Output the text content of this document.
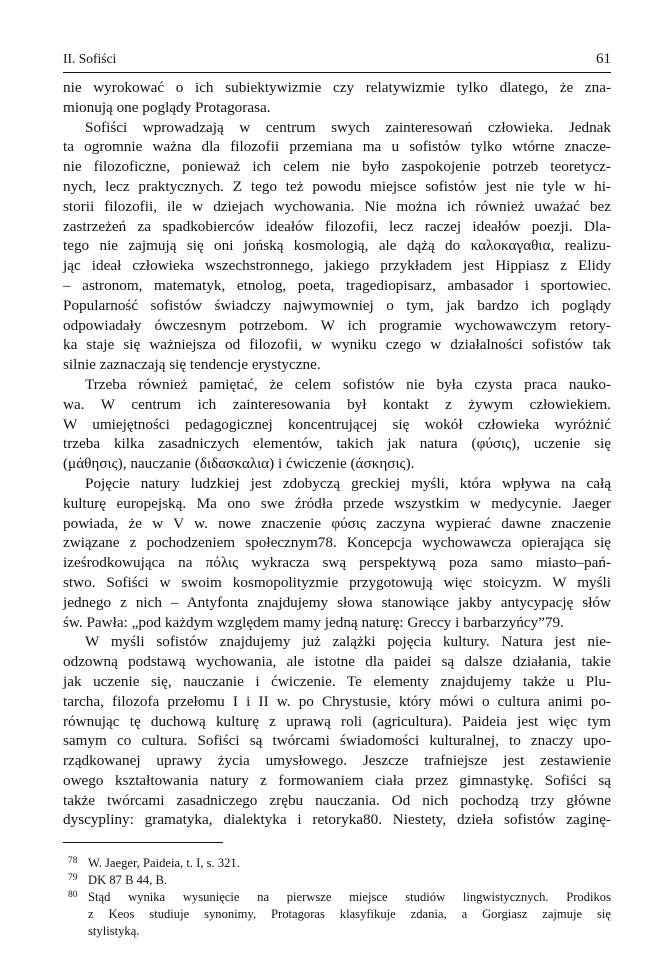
II. Sofiści	61
nie wyrokować o ich subiektywizmie czy relatywizmie tylko dlatego, że zna-
mionują one poglądy Protagorasa.
Sofiści wprowadzają w centrum swych zainteresowań człowieka. Jednak
ta ogromnie ważna dla filozofii przemiana ma u sofistów tylko wtórne znacze-
nie filozoficzne, ponieważ ich celem nie było zaspokojenie potrzeb teoretycz-
nych, lecz praktycznych. Z tego też powodu miejsce sofistów jest nie tyle w hi-
storii filozofii, ile w dziejach wychowania. Nie można ich również uważać bez
zastrzeżeń za spadkobierców ideałów filozofii, lecz raczej ideałów poezji. Dla-
tego nie zajmują się oni jońską kosmologią, ale dążą do καλοκαγαθια, realizu-
jąc ideał człowieka wszechstronnego, jakiego przykładem jest Hippiasz z Elidy
– astronom, matematyk, etnolog, poeta, tragediopisarz, ambasador i sportowiec.
Popularność sofistów świadczy najwymowniej o tym, jak bardzo ich poglądy
odpowiadały ówczesnym potrzebom. W ich programie wychowawczym retory-
ka staje się ważniejsza od filozofii, w wyniku czego w działalności sofistów tak
silnie zaznaczają się tendencje erystyczne.
Trzeba również pamiętać, że celem sofistów nie była czysta praca nauko-
wa. W centrum ich zainteresowania był kontakt z żywym człowiekiem.
W umiejętności pedagogicznej koncentrującej się wokół człowieka wyróżnić
trzeba kilka zasadniczych elementów, takich jak natura (φύσις), uczenie się
(μάθησις), nauczanie (διδασκαλια) i ćwiczenie (άσκησις).
Pojęcie natury ludzkiej jest zdobyczą greckiej myśli, która wpływa na całą
kulturę europejską. Ma ono swe źródła przede wszystkim w medycynie. Jaeger
powiada, że w V w. nowe znaczenie φύσις zaczyna wypierać dawne znaczenie
związane z pochodzeniem społecznym78. Koncepcja wychowawcza opierająca się
iześrodkowująca na πόλις wykracza swą perspektywą poza samo miasto–pań-
stwo. Sofiści w swoim kosmopolityzmie przygotowują więc stoicyzm. W myśli
jednego z nich – Antyfonta znajdujemy słowa stanowiące jakby antycypację słów
św. Pawła: „pod każdym względem mamy jedną naturę: Greccy i barbarzyńcy”79.
W myśli sofistów znajdujemy już zalążki pojęcia kultury. Natura jest nie-
odzowną podstawą wychowania, ale istotne dla paidei są dalsze działania, takie
jak uczenie się, nauczanie i ćwiczenie. Te elementy znajdujemy także u Plu-
tarcha, filozofa przełomu I i II w. po Chrystusie, który mówi o cultura animi po-
równując tę duchową kulturę z uprawą roli (agricultura). Paideia jest więc tym
samym co cultura. Sofiści są twórcami świadomości kulturalnej, to znaczy upo-
rządkowanej uprawy życia umysłowego. Jeszcze trafniejsze jest zestawienie
owego kształtowania natury z formowaniem ciała przez gimnastykę. Sofiści są
także twórcami zasadniczego zrębu nauczania. Od nich pochodzą trzy główne
dyscypliny: gramatyka, dialektyka i retoryka80. Niestety, dzieła sofistów zaginę-
78 W. Jaeger, Paideia, t. I, s. 321.
79 DK 87 B 44, B.
80 Stąd wynika wysunięcie na pierwsze miejsce studiów lingwistycznych. Prodikos
z Keos studiuje synonimy, Protagoras klasyfikuje zdania, a Gorgiasz zajmuje się
stylistyką.
